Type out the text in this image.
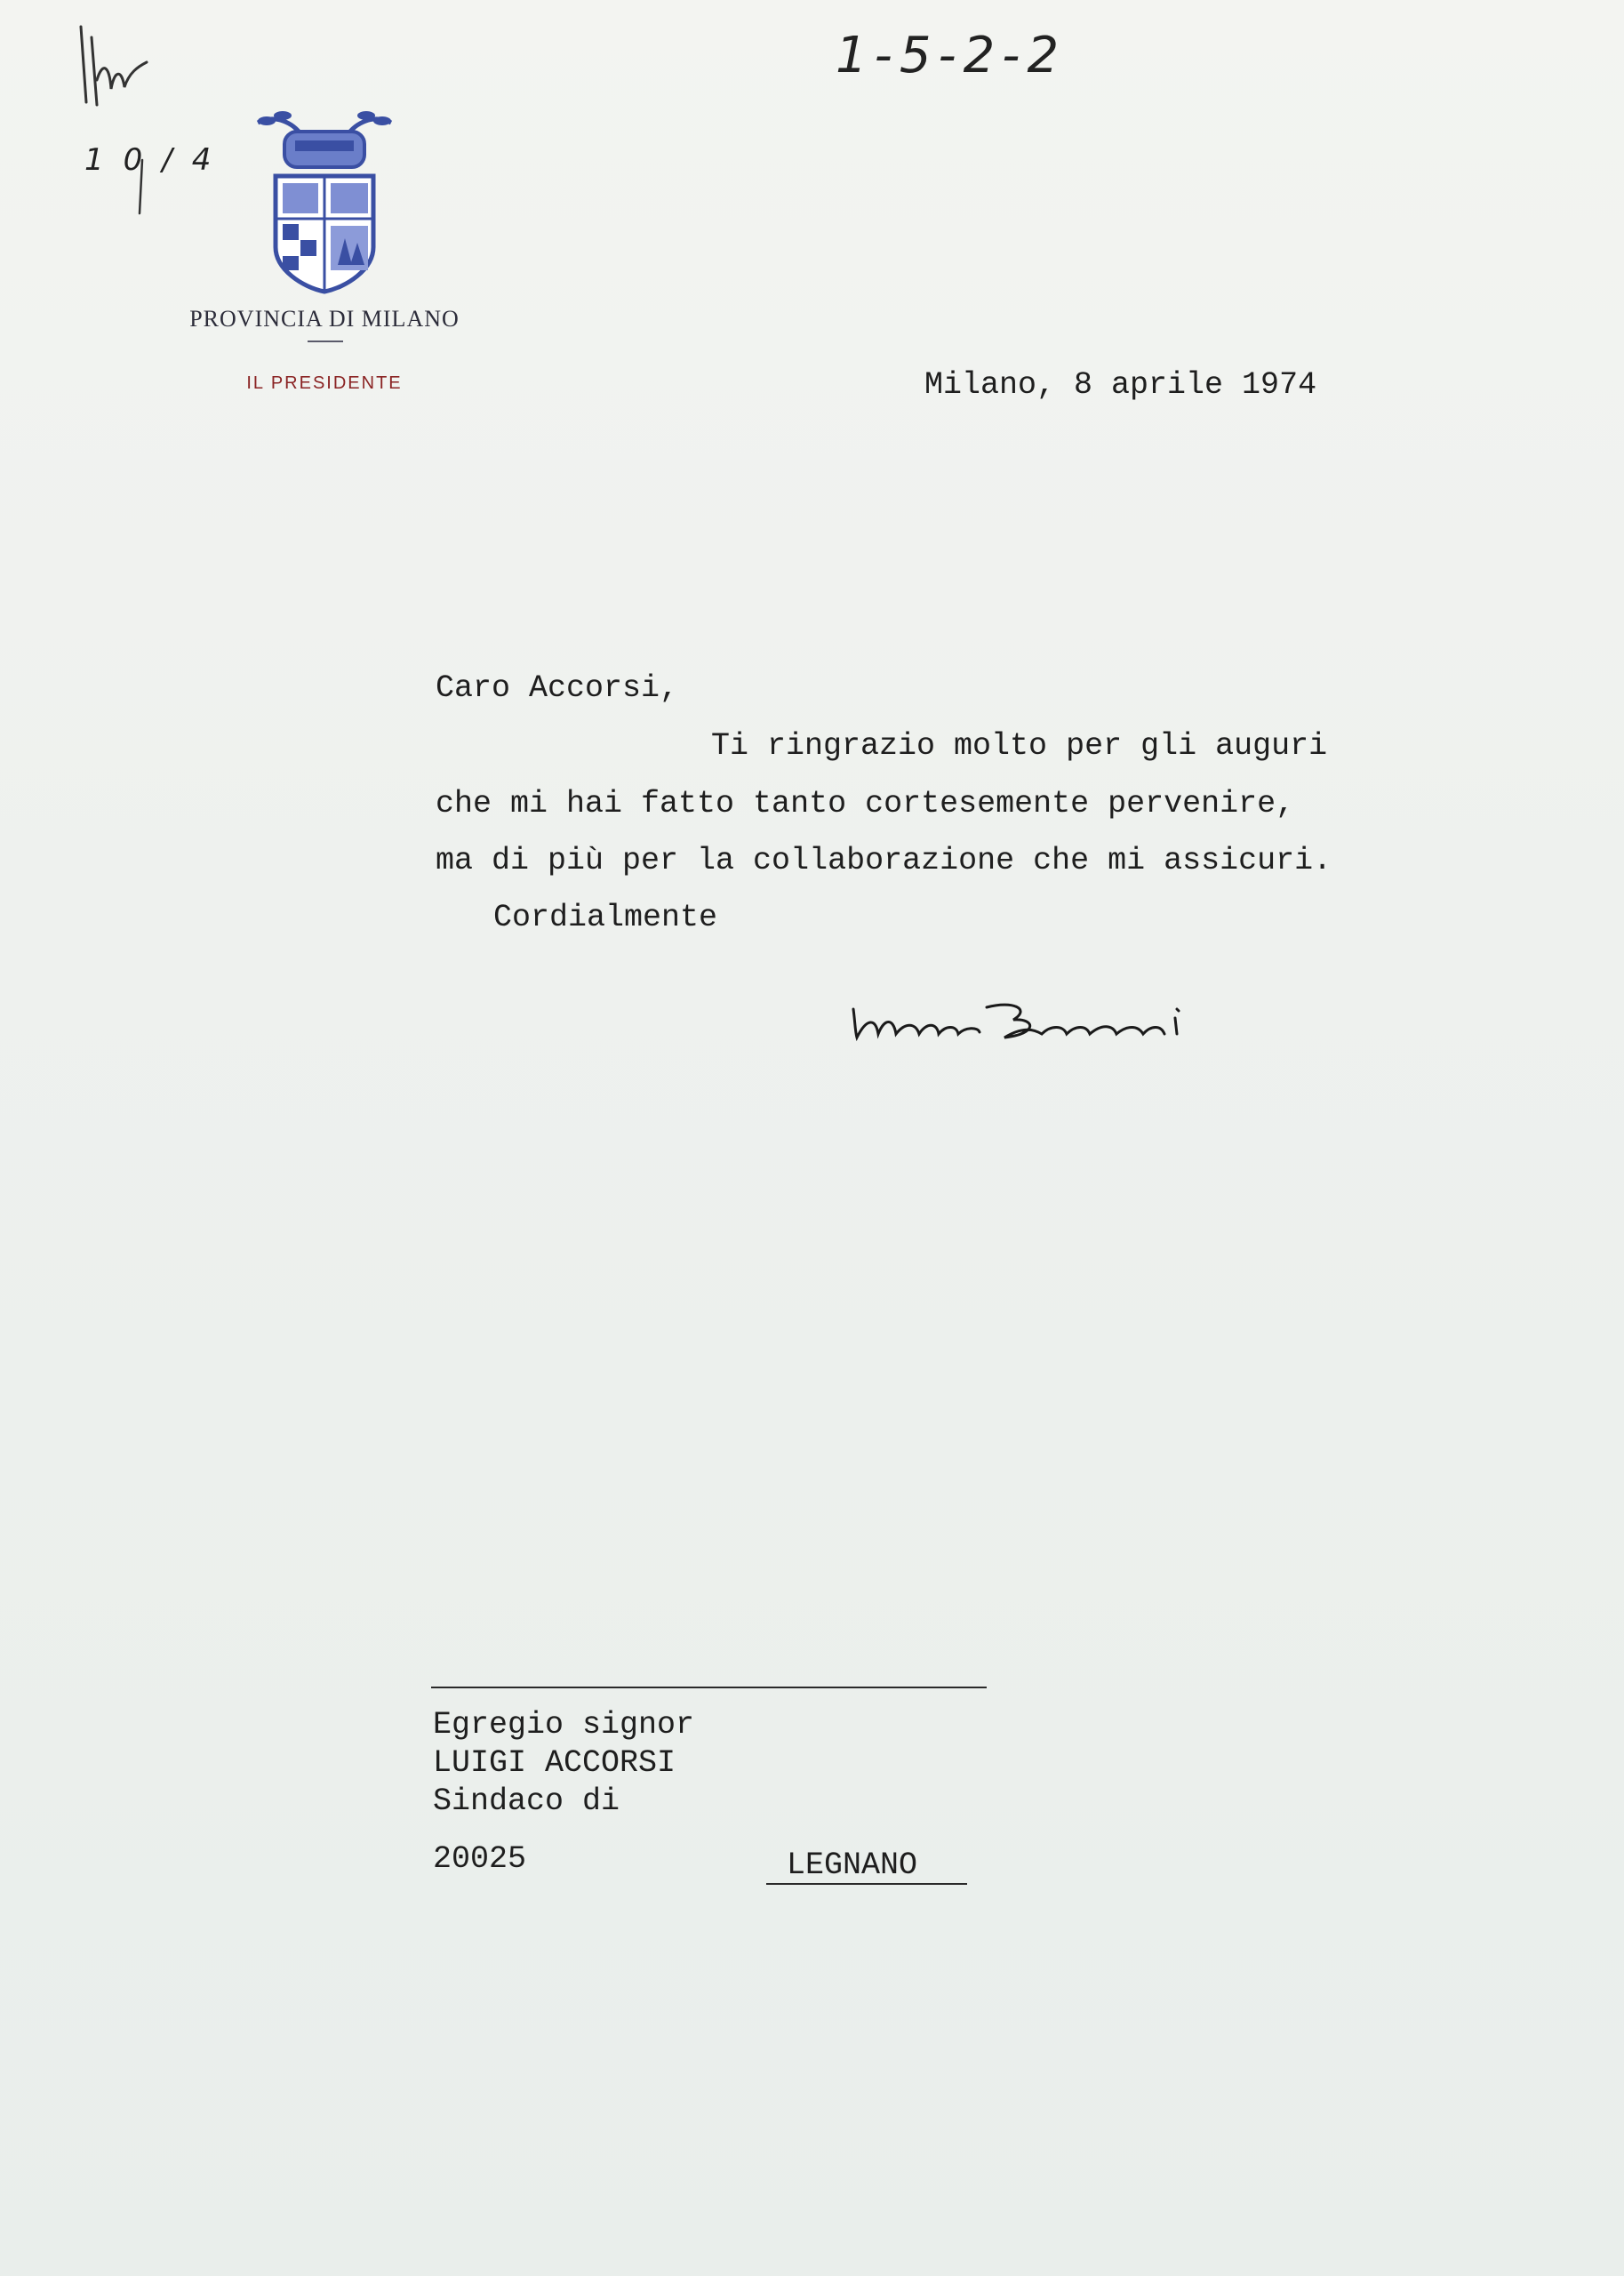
10/4
1-5-2-2
PROVINCIA DI MILANO
IL PRESIDENTE	Milano, 8 aprile 1974
Caro Accorsi,
Ti ringrazio molto per gli auguri
che mi hai fatto tanto cortesemente pervenire,
ma di più per la collaborazione che mi assicuri.
Cordialmente
Egregio signor
LUIGI ACCORSI
Sindaco di
20025	LEGNANO
